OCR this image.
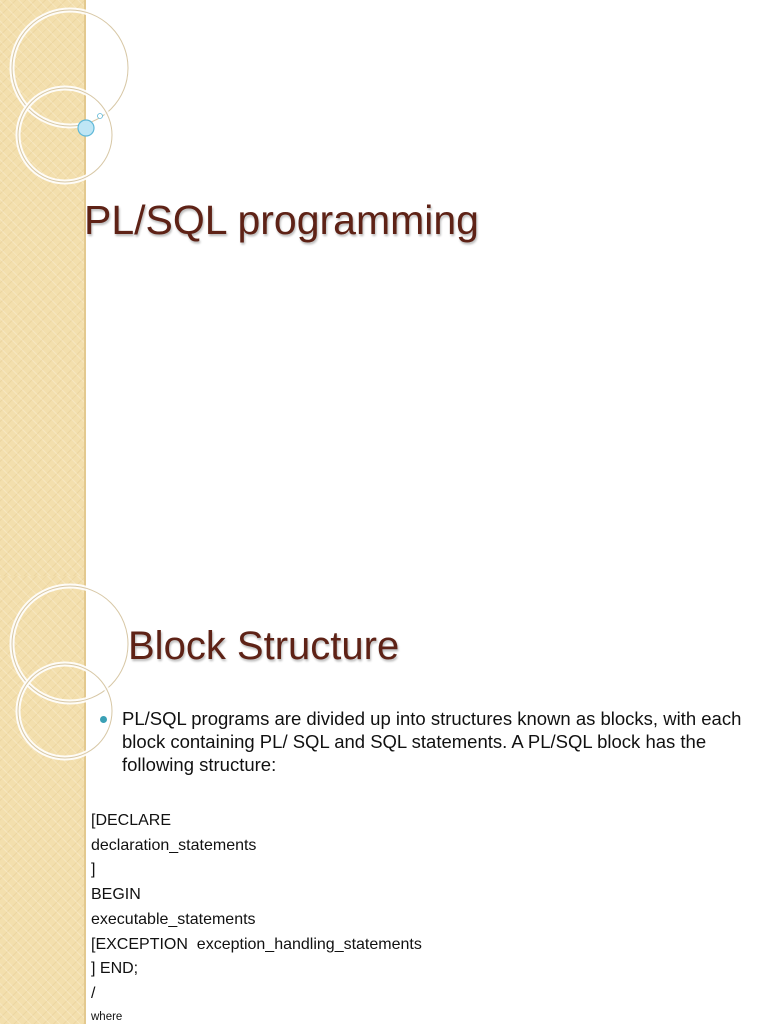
PL/SQL programming
Block Structure
PL/SQL programs are divided up into structures known as blocks, with each block containing PL/ SQL and SQL statements. A PL/SQL block has the following structure:
[DECLARE
declaration_statements
]
BEGIN
executable_statements
[EXCEPTION  exception_handling_statements
] END;
/
where
